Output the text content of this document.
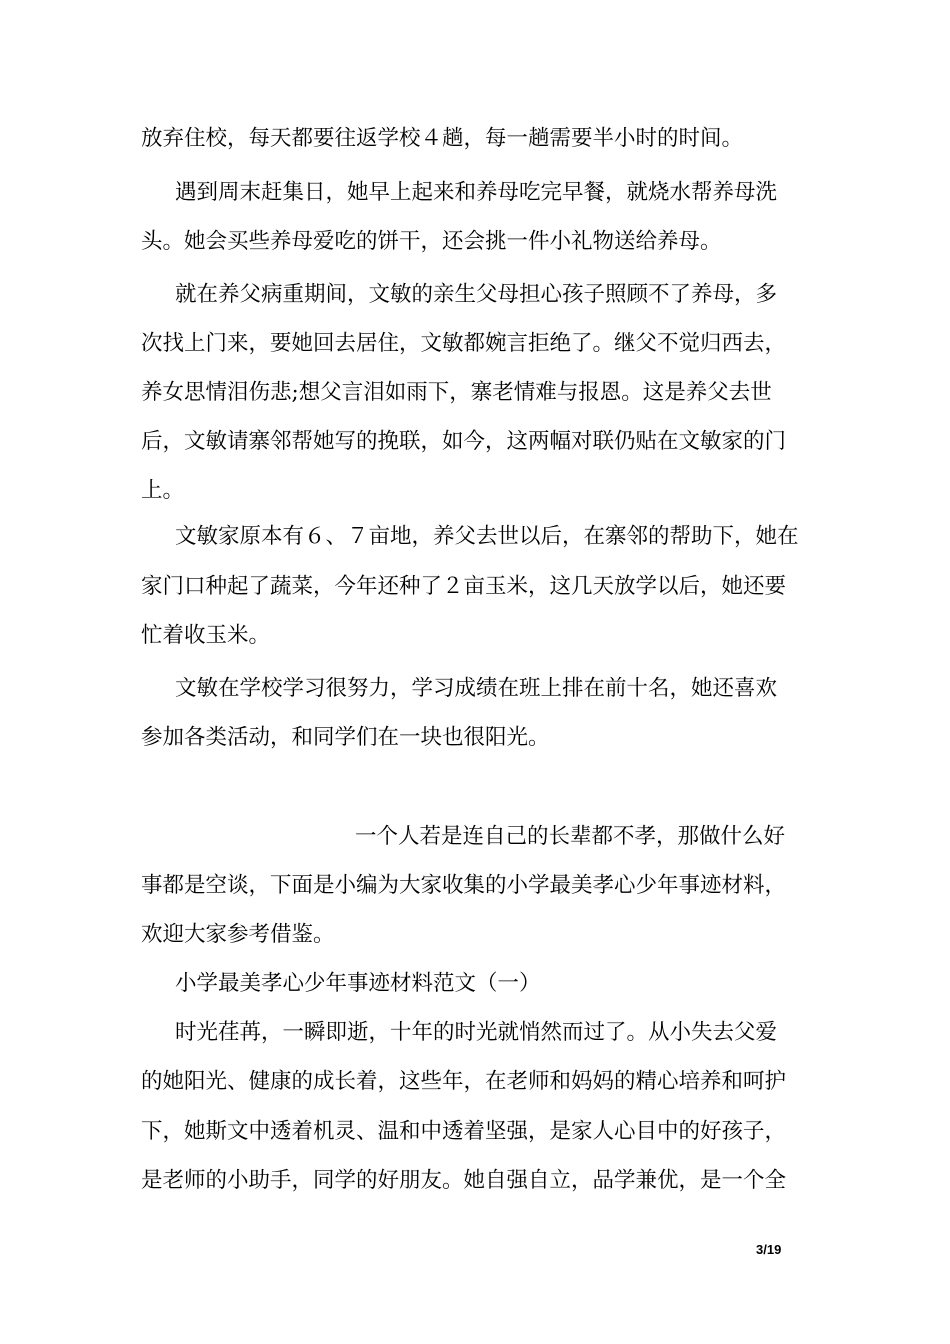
放弃住校，每天都要往返学校４趟，每一趟需要半小时的时间。
遇到周末赶集日，她早上起来和养母吃完早餐，就烧水帮养母洗
头。她会买些养母爱吃的饼干，还会挑一件小礼物送给养母。
就在养父病重期间，文敏的亲生父母担心孩子照顾不了养母，多
次找上门来，要她回去居住，文敏都婉言拒绝了。继父不觉归西去，
养女思情泪伤悲;想父言泪如雨下，寨老情难与报恩。这是养父去世
后，文敏请寨邻帮她写的挽联，如今，这两幅对联仍贴在文敏家的门
上。
文敏家原本有６、７亩地，养父去世以后，在寨邻的帮助下，她在
家门口种起了蔬菜，今年还种了２亩玉米，这几天放学以后，她还要
忙着收玉米。
文敏在学校学习很努力，学习成绩在班上排在前十名，她还喜欢
参加各类活动，和同学们在一块也很阳光。
一个人若是连自己的长辈都不孝，那做什么好
事都是空谈，下面是小编为大家收集的小学最美孝心少年事迹材料，
欢迎大家参考借鉴。
小学最美孝心少年事迹材料范文（一）
时光荏苒，一瞬即逝，十年的时光就悄然而过了。从小失去父爱
的她阳光、健康的成长着，这些年，在老师和妈妈的精心培养和呵护
下，她斯文中透着机灵、温和中透着坚强，是家人心目中的好孩子，
是老师的小助手，同学的好朋友。她自强自立，品学兼优，是一个全
3/19
